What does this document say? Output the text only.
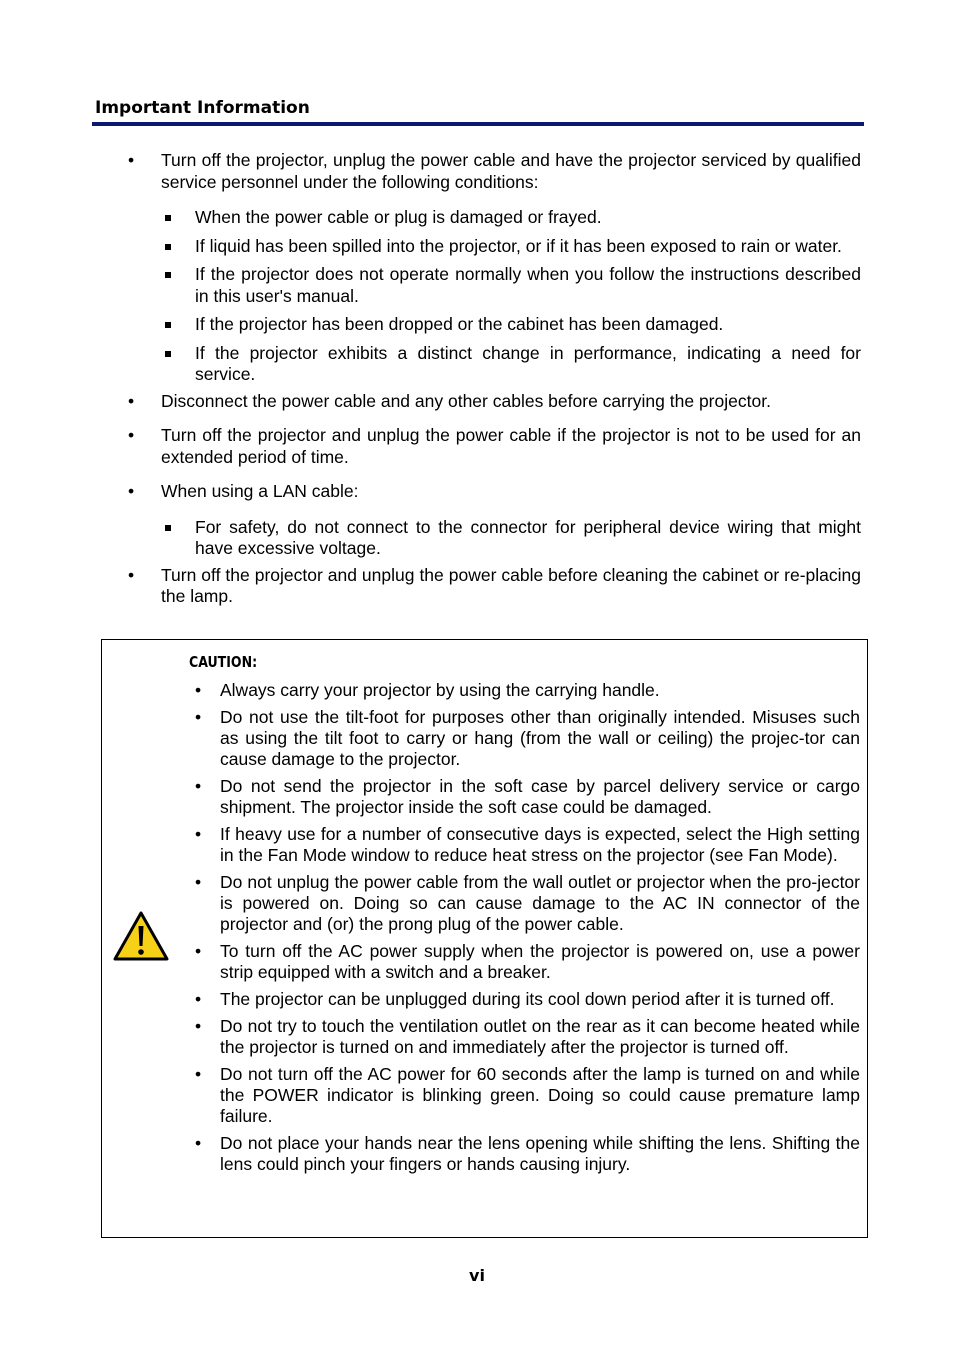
Important Information
• Turn off the projector, unplug the power cable and have the projector serviced by qualified service personnel under the following conditions:
When the power cable or plug is damaged or frayed.
If liquid has been spilled into the projector, or if it has been exposed to rain or water.
If the projector does not operate normally when you follow the instructions described in this user's manual.
If the projector has been dropped or the cabinet has been damaged.
If the projector exhibits a distinct change in performance, indicating a need for service.
• Disconnect the power cable and any other cables before carrying the projector.
• Turn off the projector and unplug the power cable if the projector is not to be used for an extended period of time.
• When using a LAN cable:
For safety, do not connect to the connector for peripheral device wiring that might have excessive voltage.
• Turn off the projector and unplug the power cable before cleaning the cabinet or re-placing the lamp.
CAUTION:
• Always carry your projector by using the carrying handle.
• Do not use the tilt-foot for purposes other than originally intended. Misuses such as using the tilt foot to carry or hang (from the wall or ceiling) the projec-tor can cause damage to the projector.
• Do not send the projector in the soft case by parcel delivery service or cargo shipment. The projector inside the soft case could be damaged.
• If heavy use for a number of consecutive days is expected, select the High setting in the Fan Mode window to reduce heat stress on the projector (see Fan Mode).
• Do not unplug the power cable from the wall outlet or projector when the pro-jector is powered on. Doing so can cause damage to the AC IN connector of the projector and (or) the prong plug of the power cable.
• To turn off the AC power supply when the projector is powered on, use a power strip equipped with a switch and a breaker.
• The projector can be unplugged during its cool down period after it is turned off.
• Do not try to touch the ventilation outlet on the rear as it can become heated while the projector is turned on and immediately after the projector is turned off.
• Do not turn off the AC power for 60 seconds after the lamp is turned on and while the POWER indicator is blinking green. Doing so could cause premature lamp failure.
• Do not place your hands near the lens opening while shifting the lens. Shifting the lens could pinch your fingers or hands causing injury.
vi
